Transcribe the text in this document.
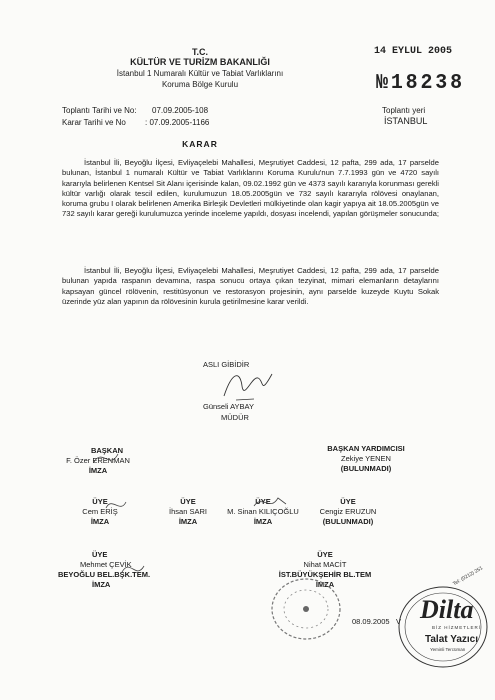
T.C.
KÜLTÜR VE TURİZM BAKANLIĞI
İstanbul 1 Numaralı Kültür ve Tabiat Varlıklarını
Koruma Bölge Kurulu
14 EYLUL 2005
№18238
Toplantı Tarihi ve No: 07.09.2005-108
Karar Tarihi ve No : 07.09.2005-1166
Toplantı yeri
İSTANBUL
KARAR

İstanbul İli, Beyoğlu İlçesi, Evliyaçelebi Mahallesi, Meşrutiyet Caddesi, 12 pafta, 299 ada, 17 parselde bulunan, İstanbul 1 numaralı Kültür ve Tabiat Varlıklarını Koruma Kurulu'nun 7.7.1993 gün ve 4720 sayılı kararıyla belirlenen Kentsel Sit Alanı içerisinde kalan, 09.02.1992 gün ve 4373 sayılı kararıyla korunması gerekli kültür varlığı olarak tescil edilen, kurulumuzun 18.05.2005gün ve 732 sayılı kararıyla rölövesi onaylanan, koruma grubu I olarak belirlenen Amerika Birleşik Devletleri mülkiyetinde olan kagir yapıya ait 18.05.2005gün ve 732 sayılı karar gereği kurulumuzca yerinde inceleme yapıldı, dosyası incelendi, yapılan görüşmeler sonucunda;

İstanbul İli, Beyoğlu İlçesi, Evliyaçelebi Mahallesi, Meşrutiyet Caddesi, 12 pafta, 299 ada, 17 parselde bulunan yapıda raspanın devamına, raspa sonucu ortaya çıkan tezyinat, mimari elemanların detaylarını kapsayan güncel rölövenin, restitüsyonun ve restorasyon projesinin, aynı parselde kuzeyde Kuytu Sokak üzerinde yüz alan yapının da rölövesinin kurula getirilmesine karar verildi.

ASLI GİBİDİR
Günseli AYBAY
MÜDÜR
BAŞKAN
F. Özer ERENMAN
İMZA
BAŞKAN YARDIMCISI
Zekiye YENEN
(BULUNMADI)
ÜYE
Cem ERİŞ
İMZA
ÜYE
İhsan SARI
İMZA
ÜYE
M. Sinan KILIÇOĞLU
İMZA
ÜYE
Cengiz ERUZUN
(BULUNMADI)
ÜYE
Mehmet ÇEVİK
BEYOĞLU BEL.BŞK.TEM.
İMZA
ÜYE
Nihat MACİT
İST.BÜYÜKŞEHİR BL.TEM
İMZA
08.09.2005 V Dilta
BİZ HİZMETLERİ
Talat Yazıcı
Yeminli Tercüman
Tel: (0212) 251
